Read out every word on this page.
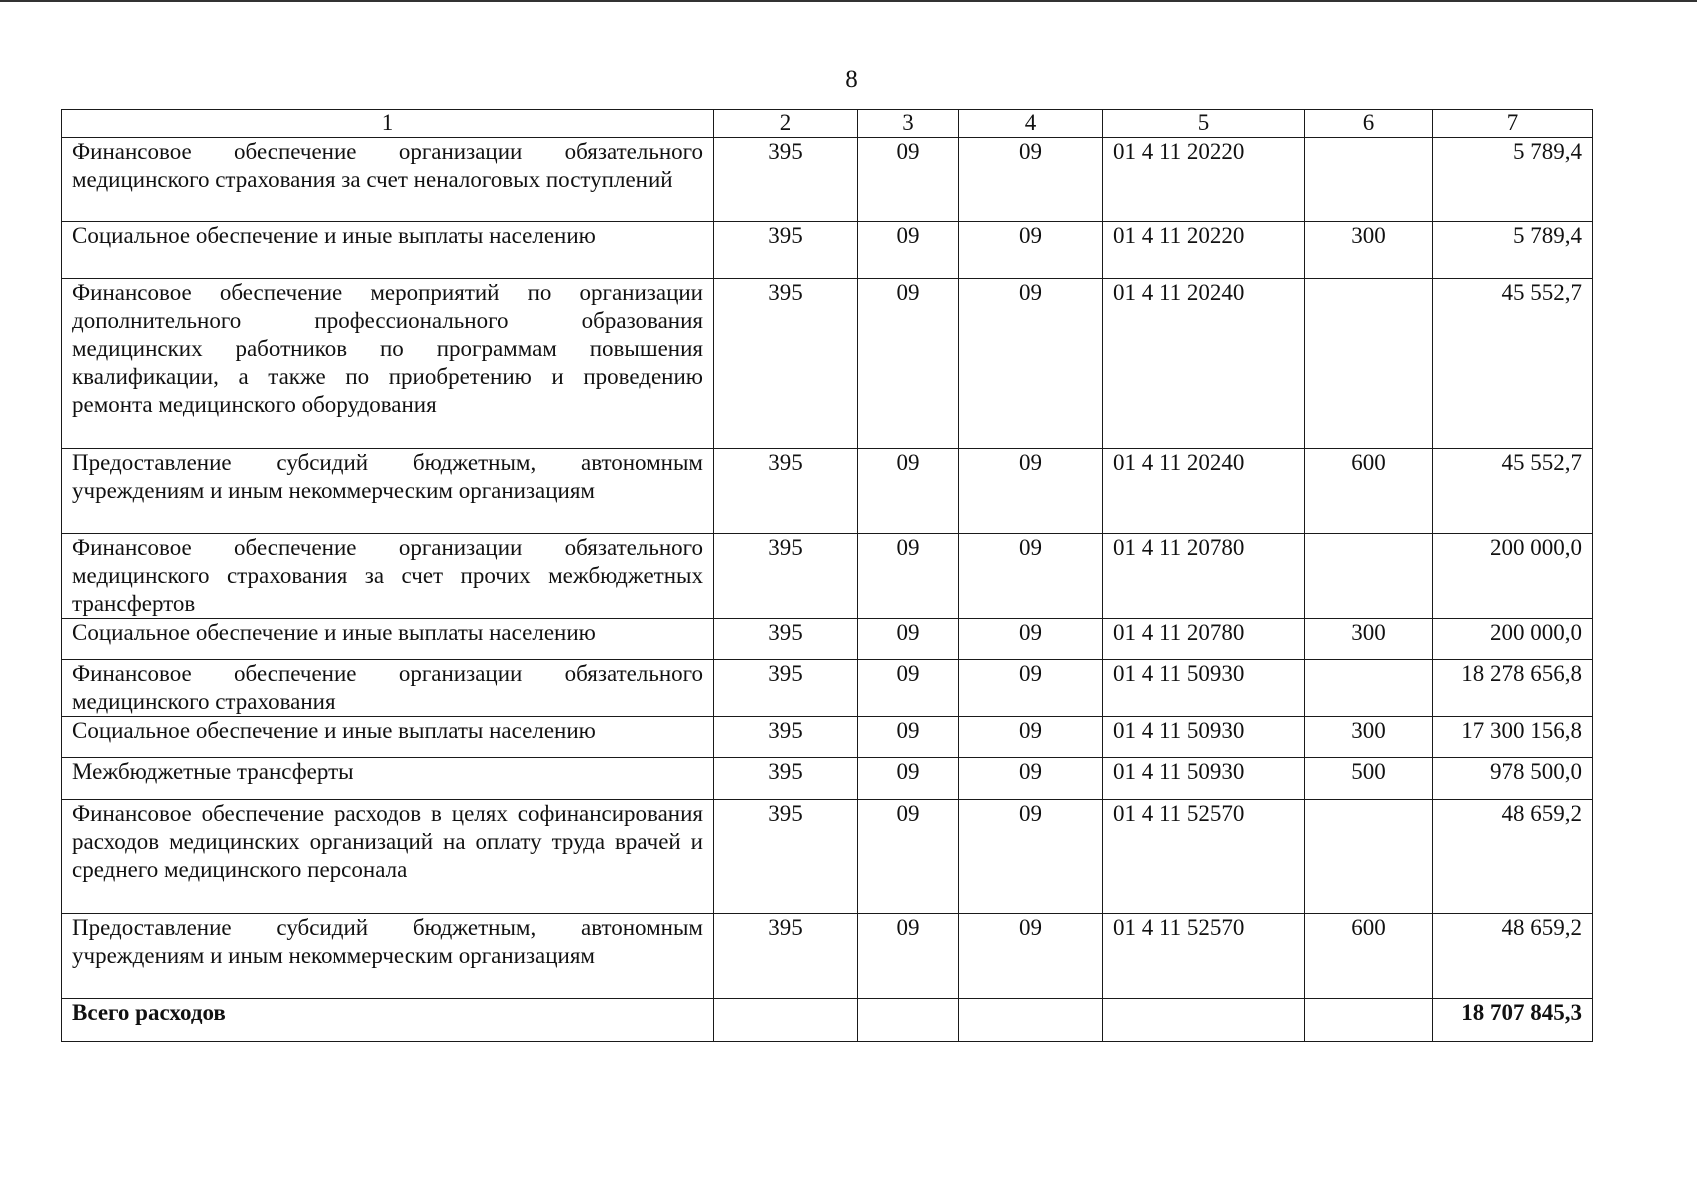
8
1	2	3	4	5	6	7
Финансовое обеспечение организации обязательного медицинского страхования за счет неналоговых поступлений	395	09	09	01 4 11 20220		5 789,4
Социальное обеспечение и иные выплаты населению	395	09	09	01 4 11 20220	300	5 789,4
Финансовое обеспечение мероприятий по организации дополнительного профессионального образования медицинских работников по программам повышения квалификации, а также по приобретению и проведению ремонта медицинского оборудования	395	09	09	01 4 11 20240		45 552,7
Предоставление субсидий бюджетным, автономным учреждениям и иным некоммерческим организациям	395	09	09	01 4 11 20240	600	45 552,7
Финансовое обеспечение организации обязательного медицинского страхования за счет прочих межбюджетных трансфертов	395	09	09	01 4 11 20780		200 000,0
Социальное обеспечение и иные выплаты населению	395	09	09	01 4 11 20780	300	200 000,0
Финансовое обеспечение организации обязательного медицинского страхования	395	09	09	01 4 11 50930		18 278 656,8
Социальное обеспечение и иные выплаты населению	395	09	09	01 4 11 50930	300	17 300 156,8
Межбюджетные трансферты	395	09	09	01 4 11 50930	500	978 500,0
Финансовое обеспечение расходов в целях софинансирования расходов медицинских организаций на оплату труда врачей и среднего медицинского персонала	395	09	09	01 4 11 52570		48 659,2
Предоставление субсидий бюджетным, автономным учреждениям и иным некоммерческим организациям	395	09	09	01 4 11 52570	600	48 659,2
Всего расходов						18 707 845,3
